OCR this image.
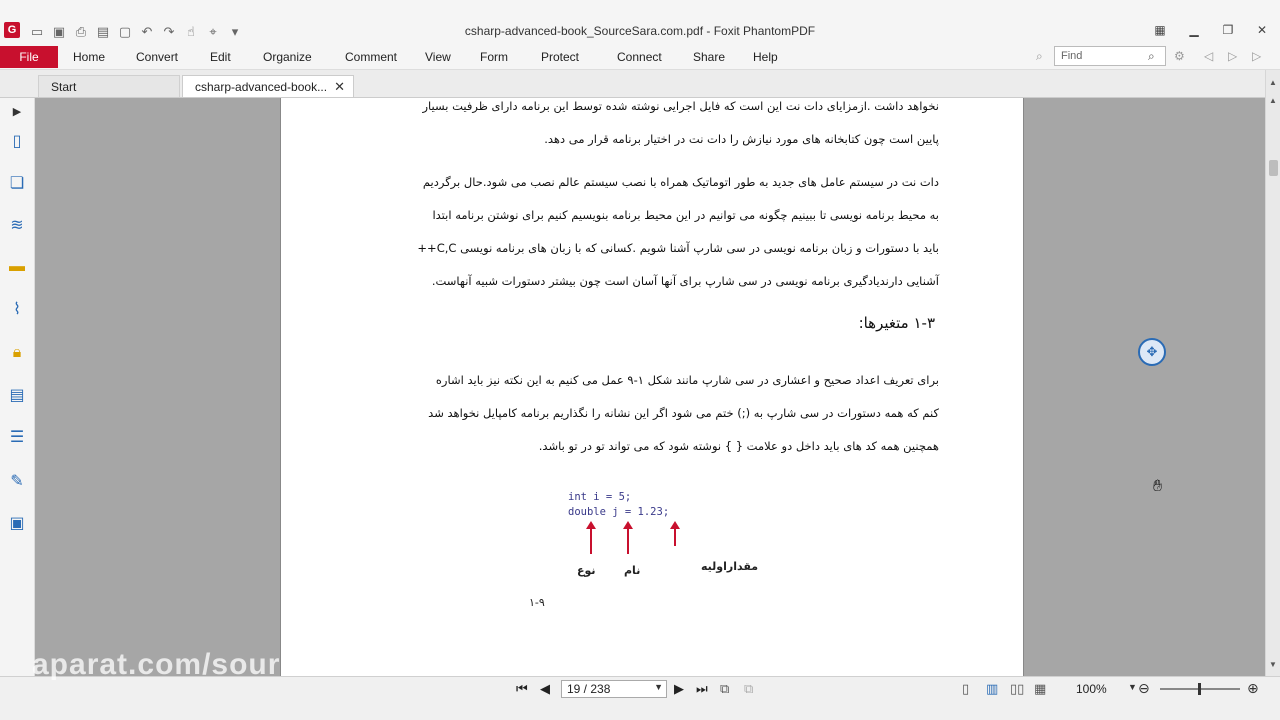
G ▭ ▣ ⎙ ▤ ▢ ↶ ↷ ☝	⌖	▾	csharp-advanced-book_SourceSara.com.pdf - Foxit PhantomPDF	▦ ▁ ❐ ✕
File	Home	Convert	Edit	Organize	Comment View Form	Protect	Connect	Share Help	⌕	Find	⌕ ⚙ ◁ ▷ ▷
Start	csharp-advanced-book... ✕
▶
▯
❏
≋
▬
⌇
🔒︎
▤
☰
✎
▣
نخواهد داشت .ازمزایای دات نت این است که فایل اجرایی نوشته شده توسط این برنامه دارای ظرفیت بسیار
پایین است چون کتابخانه های مورد نیازش را دات نت در اختیار برنامه قرار می دهد.
دات نت در سیستم عامل های جدید به طور اتوماتیک همراه با نصب سیستم عالم نصب می شود.حال برگردیم
به محیط برنامه نویسی تا ببینیم چگونه می توانیم در این محیط برنامه بنویسیم کنیم برای نوشتن برنامه ابتدا
باید با دستورات و زبان برنامه نویسی در سی شارپ آشنا شویم .کسانی که با زبان های برنامه نویسی C,C++
آشنایی دارندیادگیری برنامه نویسی در سی شارپ برای آنها آسان است چون بیشتر دستورات شبیه آنهاست.
۱-۳ متغیرها:
برای تعریف اعداد صحیح و اعشاری در سی شارپ مانند شکل ۱-۹ عمل می کنیم به این نکته نیز باید اشاره
کنم که همه دستورات در سی شارپ به (;) ختم می شود اگر این نشانه را نگذاریم برنامه کامپایل نخواهد شد
همچنین همه کد های باید داخل دو علامت { } نوشته شود که می تواند تو در تو باشد.
int i = 5;
double j = 1.23;
نوع	نام	مقداراولیه
۱-۹
✥
✋︎
▲
▲
▼
⏮ ◀	19 / 238	▼ ▶ ⏭ ⧉ ⧉	▯ ▥ ▯▯ ▦ 100% ▼ ⊖	⊕
aparat.com/sourcesara
